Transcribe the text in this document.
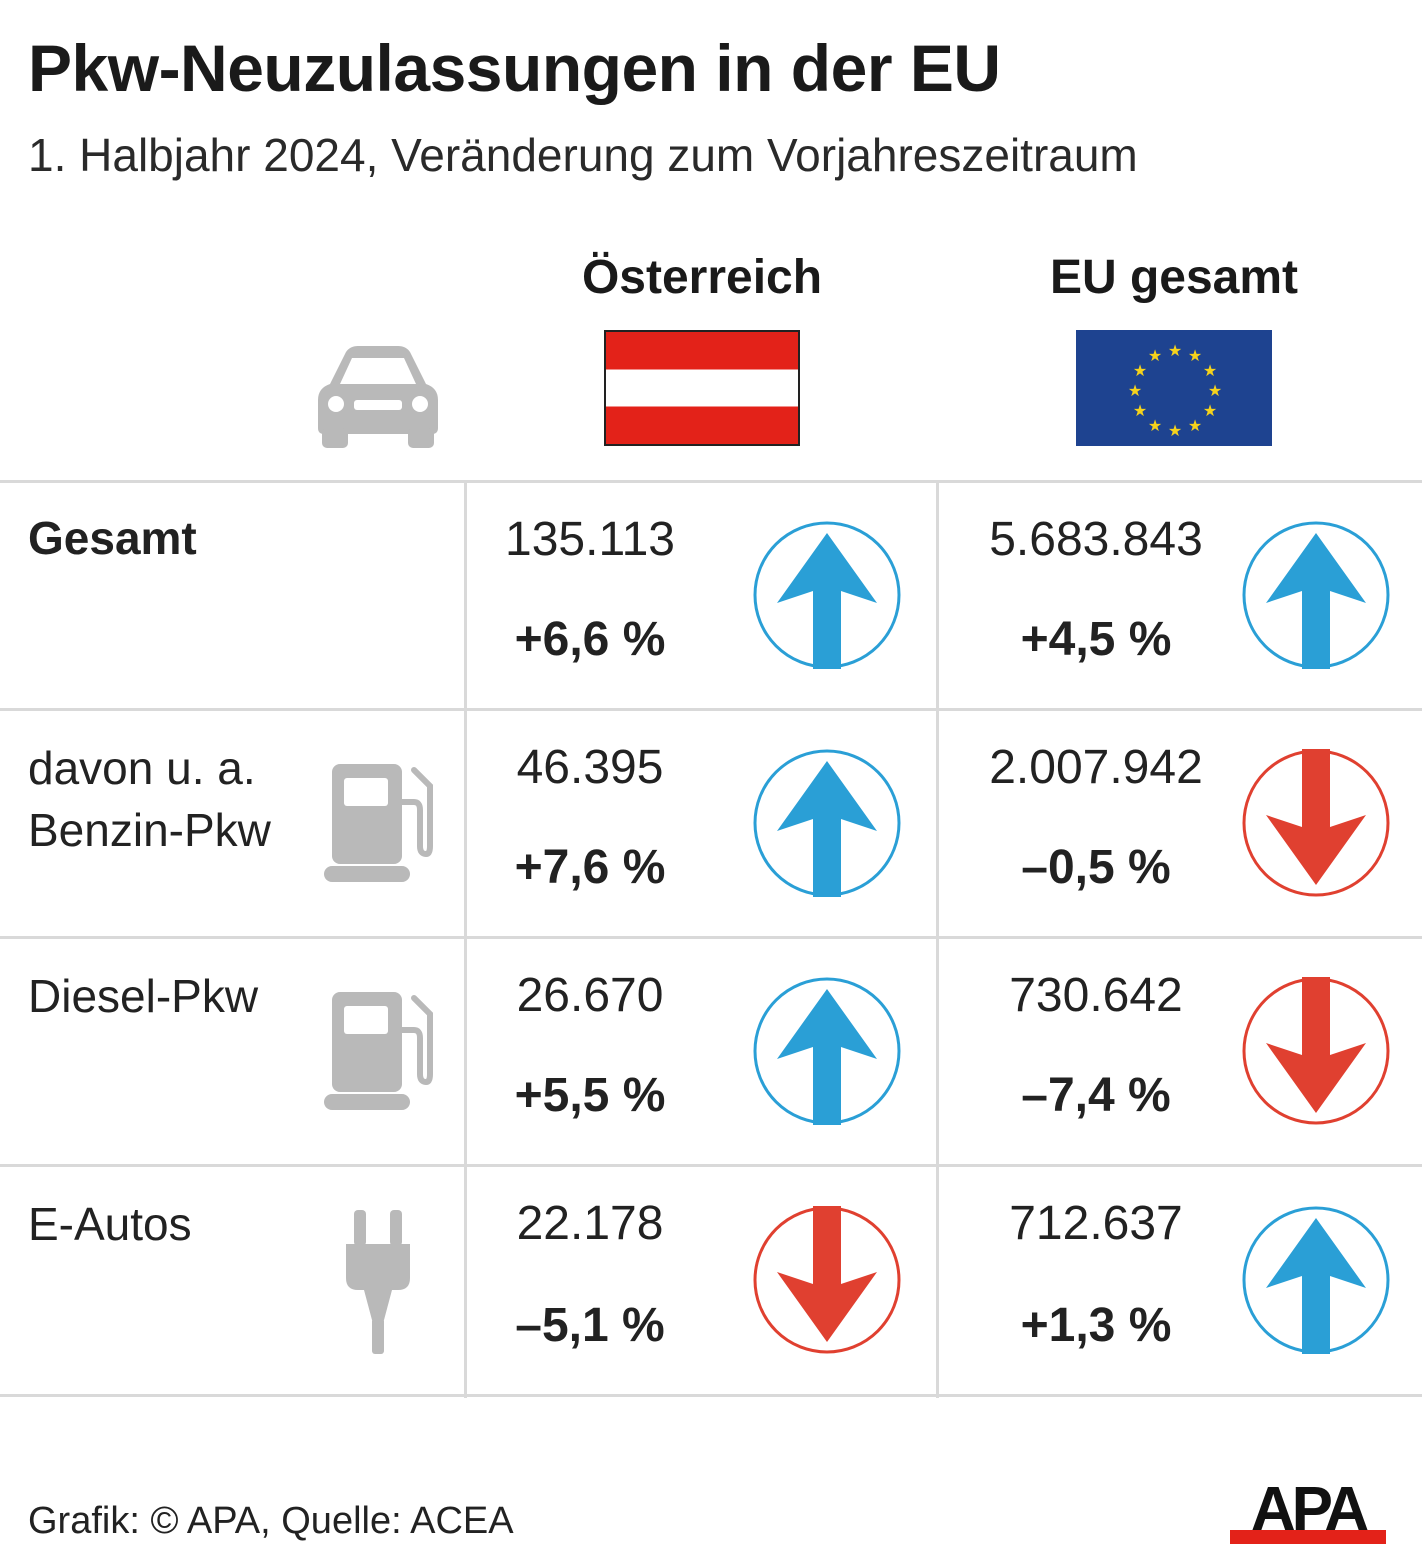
Pkw-Neuzulassungen in der EU
1. Halbjahr 2024, Veränderung zum Vorjahreszeitraum
Österreich	EU gesamt
★ ★
★
★
★
★
★
★
★
★
★
★
Gesamt
davon u. a.
Benzin-Pkw
Diesel-Pkw
E-Autos
135.113
+6,6 %
46.395
+7,6 %
26.670
+5,5 %
22.178
–5,1 %
5.683.843
+4,5 %
2.007.942
–0,5 %
730.642
–7,4 %
712.637
+1,3 %
Grafik: © APA, Quelle: ACEA	APA
